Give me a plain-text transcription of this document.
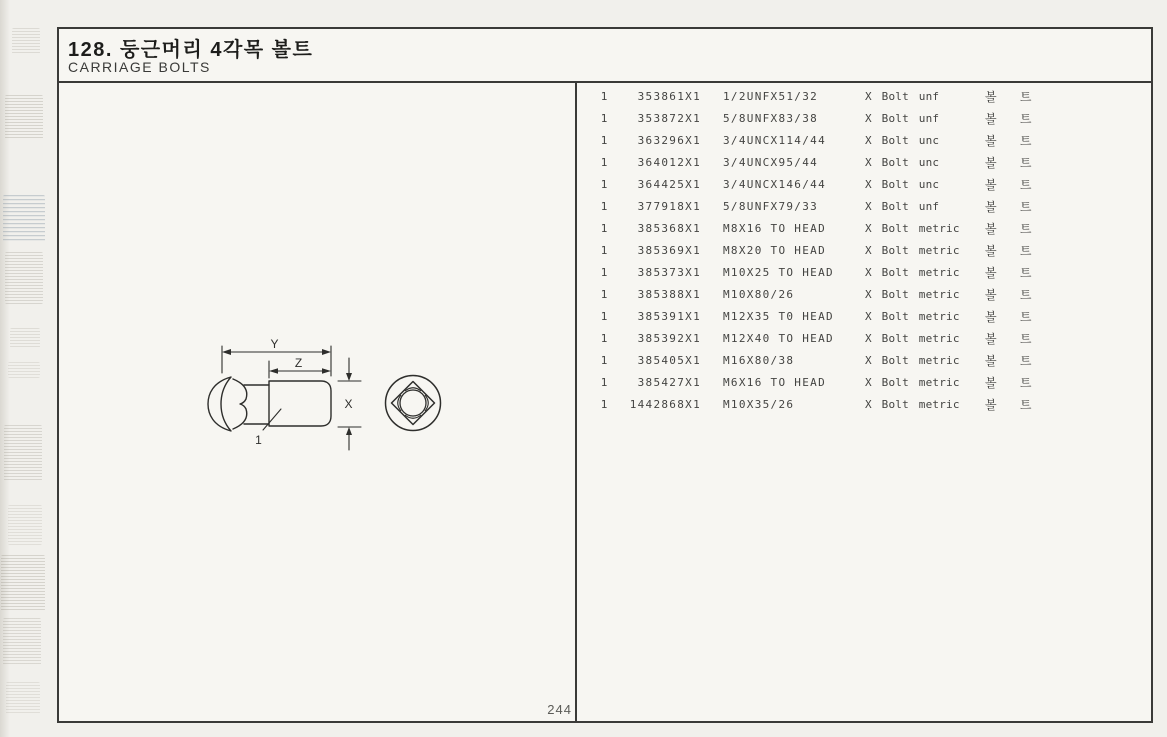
128. 둥근머리 4각목 볼트
CARRIAGE BOLTS
Y
Z
X
1
1	353861X1 1/2UNFX51/32	X Bolt unf	볼 트
1	353872X1 5/8UNFX83/38	X Bolt unf	볼 트
1	363296X1 3/4UNCX114/44	X Bolt unc	볼 트
1	364012X1 3/4UNCX95/44	X Bolt unc	볼 트
1	364425X1 3/4UNCX146/44	X Bolt unc	볼 트
1	377918X1 5/8UNFX79/33	X Bolt unf	볼 트
1	385368X1 M8X16 TO HEAD	X Bolt metric	볼 트
1	385369X1 M8X20 TO HEAD	X Bolt metric	볼 트
1	385373X1 M10X25 TO HEAD	X Bolt metric	볼 트
1	385388X1 M10X80/26	X Bolt metric	볼 트
1	385391X1 M12X35 T0 HEAD	X Bolt metric	볼 트
1	385392X1 M12X40 TO HEAD	X Bolt metric	볼 트
1	385405X1 M16X80/38	X Bolt metric	볼 트
1	385427X1 M6X16 TO HEAD	X Bolt metric	볼 트
1	1442868X1 M10X35/26	X Bolt metric	볼 트
244
